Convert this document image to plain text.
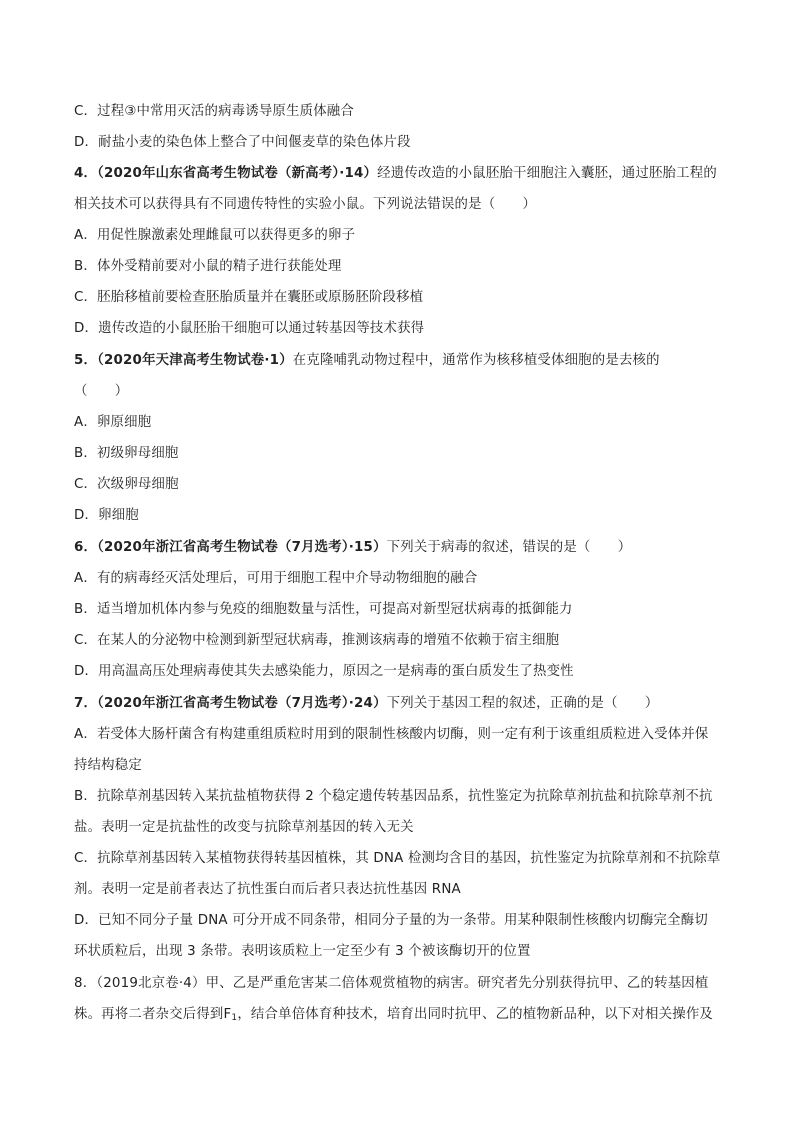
C．过程③中常用灭活的病毒诱导原生质体融合
D．耐盐小麦的染色体上整合了中间偃麦草的染色体片段
4．（2020年山东省高考生物试卷（新高考）·14）经遗传改造的小鼠胚胎干细胞注入囊胚，通过胚胎工程的
相关技术可以获得具有不同遗传特性的实验小鼠。下列说法错误的是（　　）
A．用促性腺激素处理雌鼠可以获得更多的卵子
B．体外受精前要对小鼠的精子进行获能处理
C．胚胎移植前要检查胚胎质量并在囊胚或原肠胚阶段移植
D．遗传改造的小鼠胚胎干细胞可以通过转基因等技术获得
5．（2020年天津高考生物试卷·1）在克隆哺乳动物过程中，通常作为核移植受体细胞的是去核的
（　　）
A．卵原细胞
B．初级卵母细胞
C．次级卵母细胞
D．卵细胞
6．（2020年浙江省高考生物试卷（7月选考）·15）下列关于病毒的叙述，错误的是（　　）
A．有的病毒经灭活处理后，可用于细胞工程中介导动物细胞的融合
B．适当增加机体内参与免疫的细胞数量与活性，可提高对新型冠状病毒的抵御能力
C．在某人的分泌物中检测到新型冠状病毒，推测该病毒的增殖不依赖于宿主细胞
D．用高温高压处理病毒使其失去感染能力，原因之一是病毒的蛋白质发生了热变性
7．（2020年浙江省高考生物试卷（7月选考）·24）下列关于基因工程的叙述，正确的是（　　）
A．若受体大肠杆菌含有构建重组质粒时用到的限制性核酸内切酶，则一定有利于该重组质粒进入受体并保
持结构稳定
B．抗除草剂基因转入某抗盐植物获得 2 个稳定遗传转基因品系，抗性鉴定为抗除草剂抗盐和抗除草剂不抗
盐。表明一定是抗盐性的改变与抗除草剂基因的转入无关
C．抗除草剂基因转入某植物获得转基因植株，其 DNA 检测均含目的基因，抗性鉴定为抗除草剂和不抗除草
剂。表明一定是前者表达了抗性蛋白而后者只表达抗性基因 RNA
D．已知不同分子量 DNA 可分开成不同条带，相同分子量的为一条带。用某种限制性核酸内切酶完全酶切
环状质粒后，出现 3 条带。表明该质粒上一定至少有 3 个被该酶切开的位置
8．（2019北京卷·4）甲、乙是严重危害某二倍体观赏植物的病害。研究者先分别获得抗甲、乙的转基因植
株。再将二者杂交后得到$F_1$，结合单倍体育种技术，培育出同时抗甲、乙的植物新品种，以下对相关操作及
